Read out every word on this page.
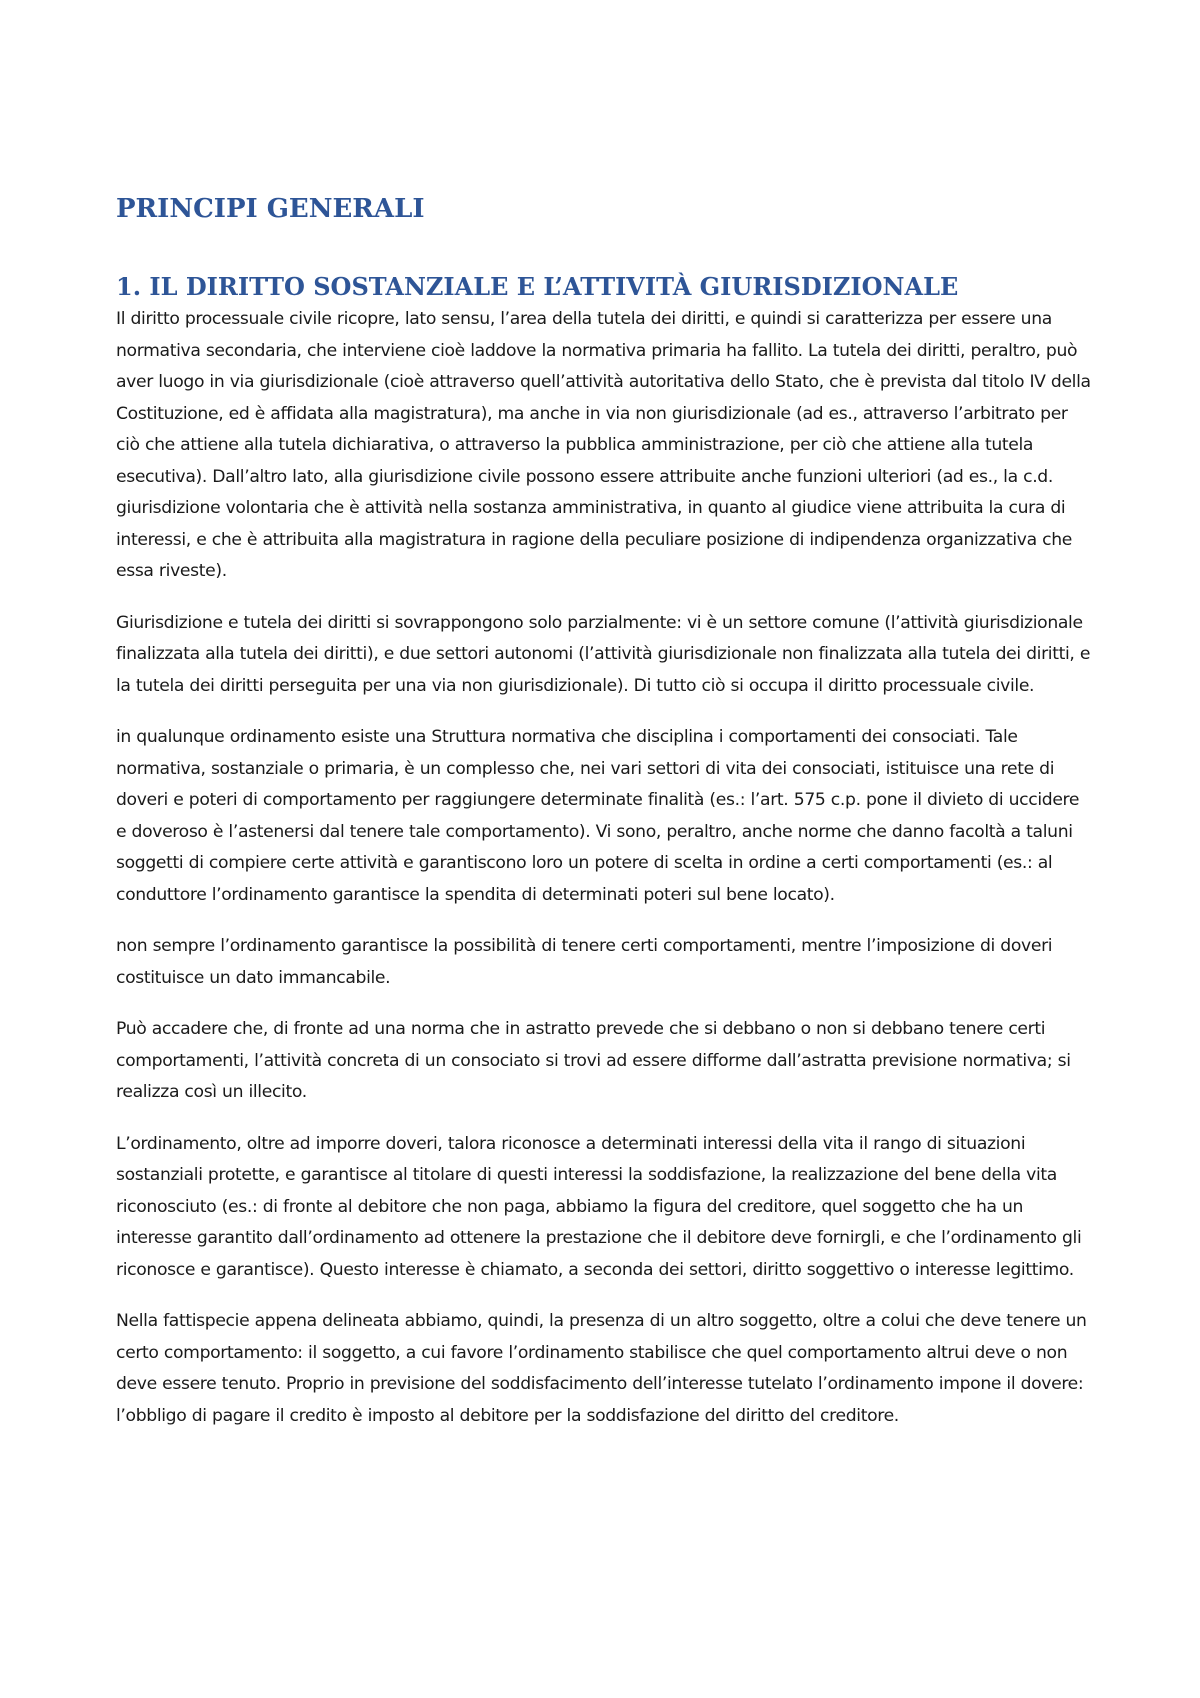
PRINCIPI GENERALI
1. IL DIRITTO SOSTANZIALE E L’ATTIVITÀ GIURISDIZIONALE

Il diritto processuale civile ricopre, lato sensu, l’area della tutela dei diritti, e quindi si caratterizza per essere una normativa secondaria, che interviene cioè laddove la normativa primaria ha fallito. La tutela dei diritti, peraltro, può aver luogo in via giurisdizionale (cioè attraverso quell’attività autoritativa dello Stato, che è prevista dal titolo IV della Costituzione, ed è affidata alla magistratura), ma anche in via non giurisdizionale (ad es., attraverso l’arbitrato per ciò che attiene alla tutela dichiarativa, o attraverso la pubblica amministrazione, per ciò che attiene alla tutela esecutiva). Dall’altro lato, alla giurisdizione civile possono essere attribuite anche funzioni ulteriori (ad es., la c.d. giurisdizione volontaria che è attività nella sostanza amministrativa, in quanto al giudice viene attribuita la cura di interessi, e che è attribuita alla magistratura in ragione della peculiare posizione di indipendenza organizzativa che essa riveste).

Giurisdizione e tutela dei diritti si sovrappongono solo parzialmente: vi è un settore comune (l’attività giurisdizionale finalizzata alla tutela dei diritti), e due settori autonomi (l’attività giurisdizionale non finalizzata alla tutela dei diritti, e la tutela dei diritti perseguita per una via non giurisdizionale). Di tutto ciò si occupa il diritto processuale civile.

in qualunque ordinamento esiste una Struttura normativa che disciplina i comportamenti dei consociati. Tale normativa, sostanziale o primaria, è un complesso che, nei vari settori di vita dei consociati, istituisce una rete di doveri e poteri di comportamento per raggiungere determinate finalità (es.: l’art. 575 c.p. pone il divieto di uccidere e doveroso è l’astenersi dal tenere tale comportamento). Vi sono, peraltro, anche norme che danno facoltà a taluni soggetti di compiere certe attività e garantiscono loro un potere di scelta in ordine a certi comportamenti (es.: al conduttore l’ordinamento garantisce la spendita di determinati poteri sul bene locato).

non sempre l’ordinamento garantisce la possibilità di tenere certi comportamenti, mentre l’imposizione di doveri costituisce un dato immancabile.

Può accadere che, di fronte ad una norma che in astratto prevede che si debbano o non si debbano tenere certi comportamenti, l’attività concreta di un consociato si trovi ad essere difforme dall’astratta previsione normativa; si realizza così un illecito.

L’ordinamento, oltre ad imporre doveri, talora riconosce a determinati interessi della vita il rango di situazioni sostanziali protette, e garantisce al titolare di questi interessi la soddisfazione, la realizzazione del bene della vita riconosciuto (es.: di fronte al debitore che non paga, abbiamo la figura del creditore, quel soggetto che ha un interesse garantito dall’ordinamento ad ottenere la prestazione che il debitore deve fornirgli, e che l’ordinamento gli riconosce e garantisce). Questo interesse è chiamato, a seconda dei settori, diritto soggettivo o interesse legittimo.

Nella fattispecie appena delineata abbiamo, quindi, la presenza di un altro soggetto, oltre a colui che deve tenere un certo comportamento: il soggetto, a cui favore l’ordinamento stabilisce che quel comportamento altrui deve o non deve essere tenuto. Proprio in previsione del soddisfacimento dell’interesse tutelato l’ordinamento impone il dovere: l’obbligo di pagare il credito è imposto al debitore per la soddisfazione del diritto del creditore.
